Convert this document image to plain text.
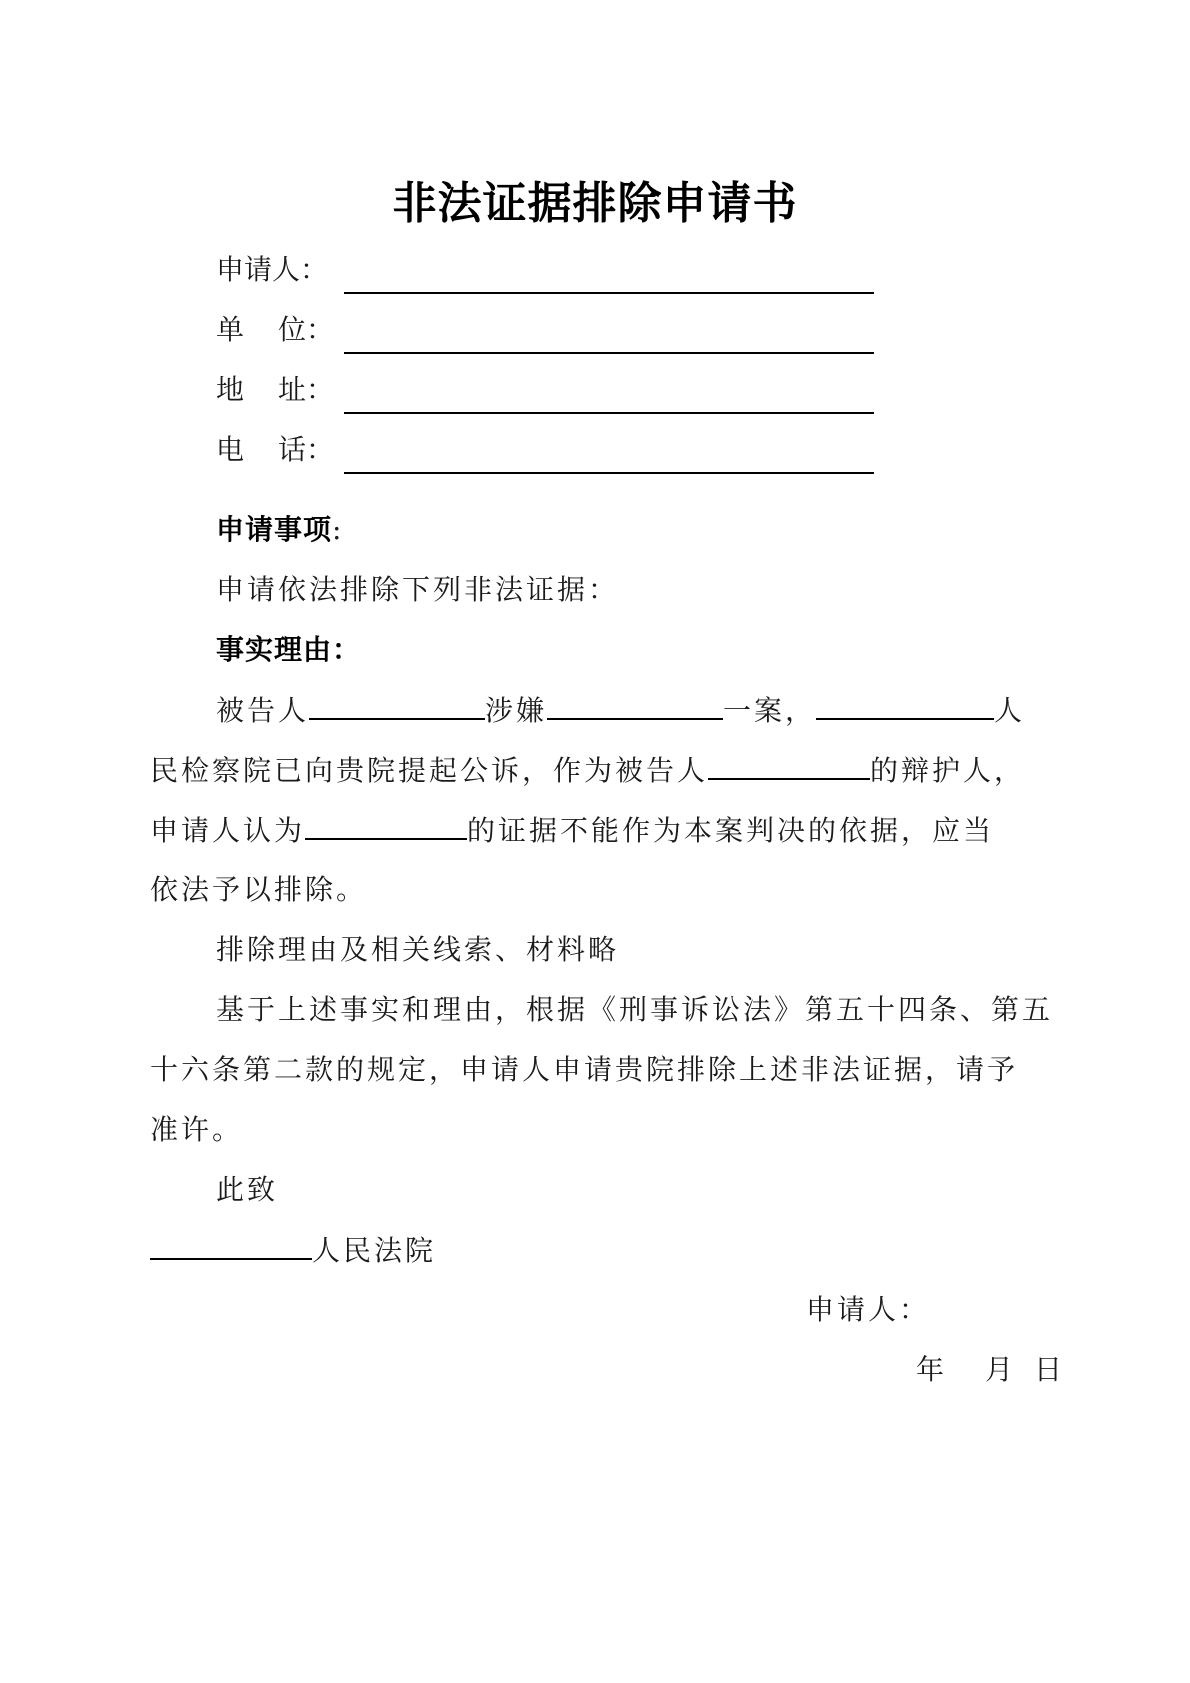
非法证据排除申请书
申请人：
单 位：
地 址：
电 话：
申请事项:
申请依法排除下列非法证据：
事实理由：
被告人	涉嫌	一案，	人
民检察院已向贵院提起公诉，作为被告人	的辩护人，
申请人认为	的证据不能作为本案判决的依据，应当
依法予以排除。
排除理由及相关线索、材料略
基于上述事实和理由，根据《刑事诉讼法》第五十四条、第五
十六条第二款的规定，申请人申请贵院排除上述非法证据，请予
准许。
此致
人民法院
申请人：
年 月 日
